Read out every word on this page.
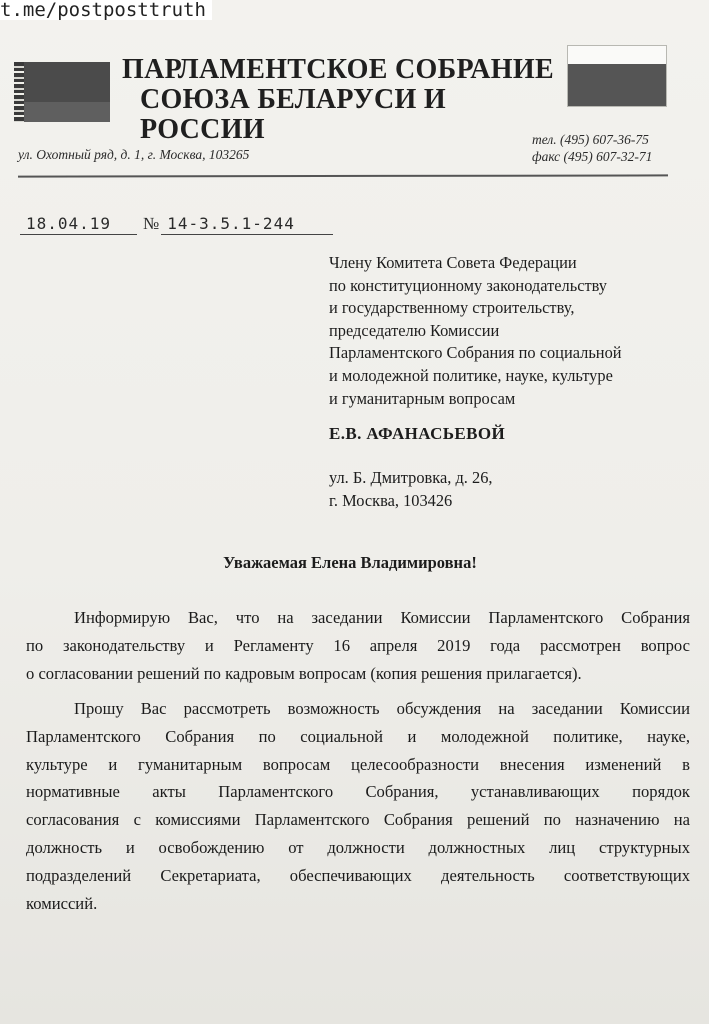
t.me/postposttruth
ПАРЛАМЕНТСКОЕ СОБРАНИЕ
СОЮЗА БЕЛАРУСИ И РОССИИ
ул. Охотный ряд, д. 1, г. Москва, 103265
тел. (495) 607-36-75
факс (495) 607-32-71
18.04.19 № 14-3.5.1-244
Члену Комитета Совета Федерации
по конституционному законодательству
и государственному строительству,
председателю Комиссии
Парламентского Собрания по социальной
и молодежной политике, науке, культуре
и гуманитарным вопросам
Е.В. АФАНАСЬЕВОЙ
ул. Б. Дмитровка, д. 26,
г. Москва, 103426
Уважаемая Елена Владимировна!
Информирую Вас, что на заседании Комиссии Парламентского Собрания
по законодательству и Регламенту 16 апреля 2019 года рассмотрен вопрос
о согласовании решений по кадровым вопросам (копия решения прилагается).
Прошу Вас рассмотреть возможность обсуждения на заседании Комиссии
Парламентского Собрания по социальной и молодежной политике, науке,
культуре и гуманитарным вопросам целесообразности внесения изменений в
нормативные акты Парламентского Собрания, устанавливающих порядок
согласования с комиссиями Парламентского Собрания решений по назначению на
должность и освобождению от должности должностных лиц структурных
подразделений Секретариата, обеспечивающих деятельность соответствующих
комиссий.
